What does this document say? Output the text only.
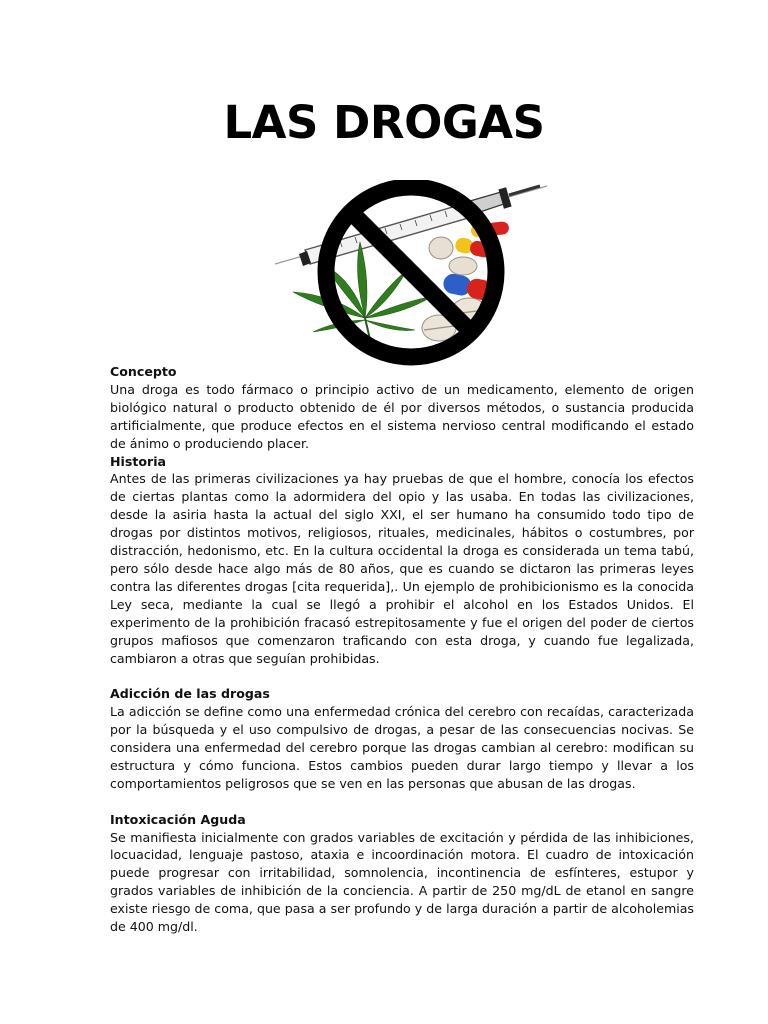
LAS DROGAS
Concepto

Una droga es todo fármaco o principio activo de un medicamento, elemento de origen biológico natural o producto obtenido de él por diversos métodos, o sustancia producida artificialmente, que produce efectos en el sistema nervioso central modificando el estado de ánimo o produciendo placer.

Historia

Antes de las primeras civilizaciones ya hay pruebas de que el hombre, conocía los efectos de ciertas plantas como la adormidera del opio y las usaba. En todas las civilizaciones, desde la asiria hasta la actual del siglo XXI, el ser humano ha consumido todo tipo de drogas por distintos motivos, religiosos, rituales, medicinales, hábitos o costumbres, por distracción, hedonismo, etc. En la cultura occidental la droga es considerada un tema tabú, pero sólo desde hace algo más de 80 años, que es cuando se dictaron las primeras leyes contra las diferentes drogas [cita requerida],. Un ejemplo de prohibicionismo es la conocida Ley seca, mediante la cual se llegó a prohibir el alcohol en los Estados Unidos. El experimento de la prohibición fracasó estrepitosamente y fue el origen del poder de ciertos grupos mafiosos que comenzaron traficando con esta droga, y cuando fue legalizada, cambiaron a otras que seguían prohibidas.

Adicción de las drogas

La adicción se define como una enfermedad crónica del cerebro con recaídas, caracterizada por la búsqueda y el uso compulsivo de drogas, a pesar de las consecuencias nocivas. Se considera una enfermedad del cerebro porque las drogas cambian al cerebro: modifican su estructura y cómo funciona. Estos cambios pueden durar largo tiempo y llevar a los comportamientos peligrosos que se ven en las personas que abusan de las drogas.

Intoxicación Aguda

Se manifiesta inicialmente con grados variables de excitación y pérdida de las inhibiciones, locuacidad, lenguaje pastoso, ataxia e incoordinación motora. El cuadro de intoxicación puede progresar con irritabilidad, somnolencia, incontinencia de esfínteres, estupor y grados variables de inhibición de la conciencia. A partir de 250 mg/dL de etanol en sangre existe riesgo de coma, que pasa a ser profundo y de larga duración a partir de alcoholemias de 400 mg/dl.
